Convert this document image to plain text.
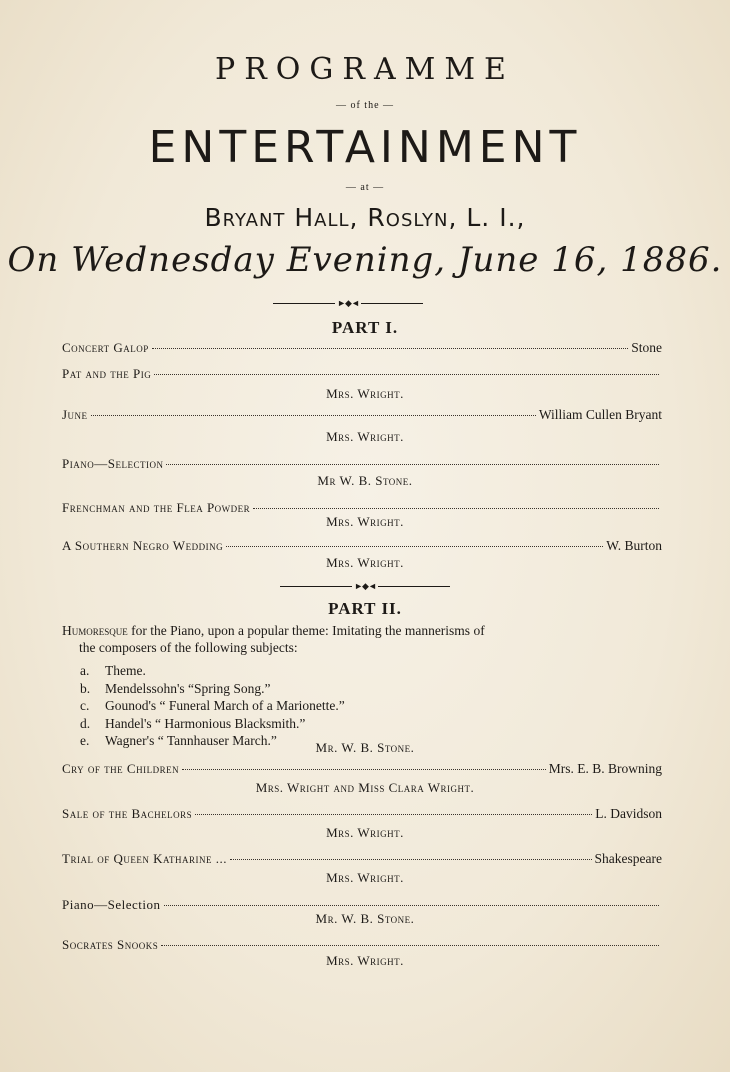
PROGRAMME
— of the —
ENTERTAINMENT
— at —
Bryant Hall, Roslyn, L. I.,
On Wednesday Evening, June 16, 1886.
►◆◄
PART I.
Concert Galop	Stone
Pat and the Pig
Mrs. Wright.
June	William Cullen Bryant
Mrs. Wright.
Piano—Selection
Mr W. B. Stone.
Frenchman and the Flea Powder
Mrs. Wright.
A Southern Negro Wedding	W. Burton
Mrs. Wright.
►◆◄
PART II.
Humoresque for the Piano, upon a popular theme: Imitating the mannerisms of
the composers of the following subjects:
a.	Theme.
b.	Mendelssohn's “Spring Song.”
c.	Gounod's “ Funeral March of a Marionette.”
d.	Handel's “ Harmonious Blacksmith.”
e.	Wagner's “ Tannhauser March.”	Mr. W. B. Stone.
Cry of the Children	Mrs. E. B. Browning
Mrs. Wright and Miss Clara Wright.
Sale of the Bachelors	L. Davidson
Mrs. Wright.
Trial of Queen Katharine ...	Shakespeare
Mrs. Wright.
Piano—Selection
Mr. W. B. Stone.
Socrates Snooks
Mrs. Wright.
